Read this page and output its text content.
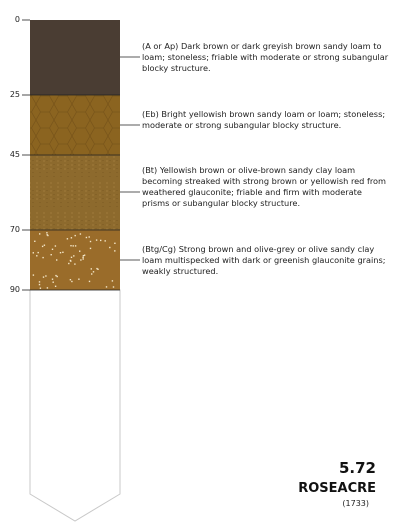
0
25
45
70
90
(A or Ap) Dark brown or dark greyish brown sandy loam to loam; stoneless; friable with moderate or strong subangular blocky structure.
(Eb) Bright yellowish brown sandy loam or loam; stoneless; moderate or strong subangular blocky structure.
(Bt) Yellowish brown or olive-brown sandy clay loam becoming streaked with strong brown or yellowish red from weathered glauconite; friable and firm with moderate prisms or subangular blocky structure.
(Btg/Cg) Strong brown and olive-grey or olive sandy clay loam multispecked with dark or greenish glauconite grains; weakly structured.
5.72
ROSEACRE
(1733)
